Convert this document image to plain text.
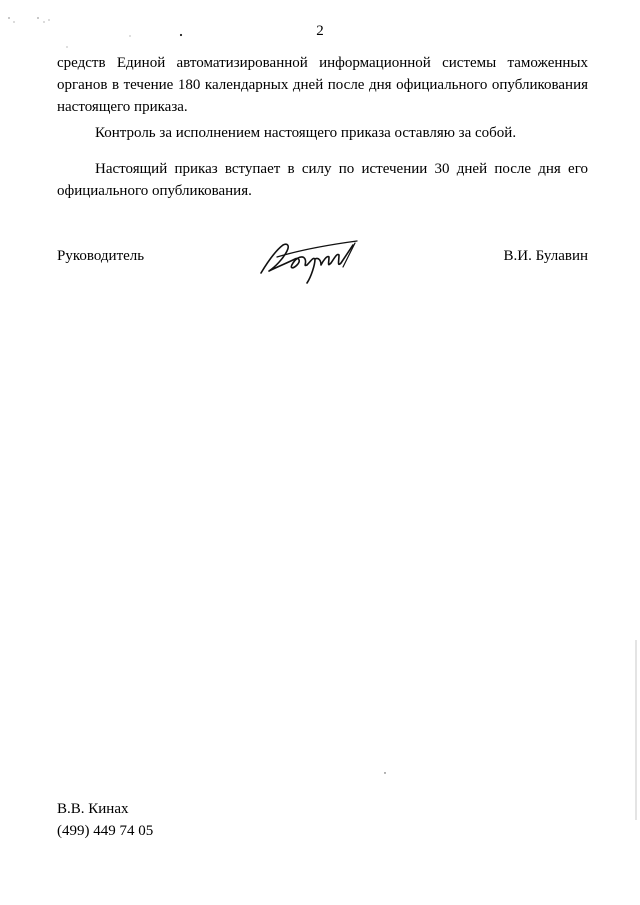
2

средств Единой автоматизированной информационной системы таможенных органов в течение 180 календарных дней после дня официального опубликования настоящего приказа.

Контроль за исполнением настоящего приказа оставляю за собой.

Настоящий приказ вступает в силу по истечении 30 дней после дня его официального опубликования.

Руководитель	В.И. Булавин
В.В. Кинах
(499) 449 74 05
